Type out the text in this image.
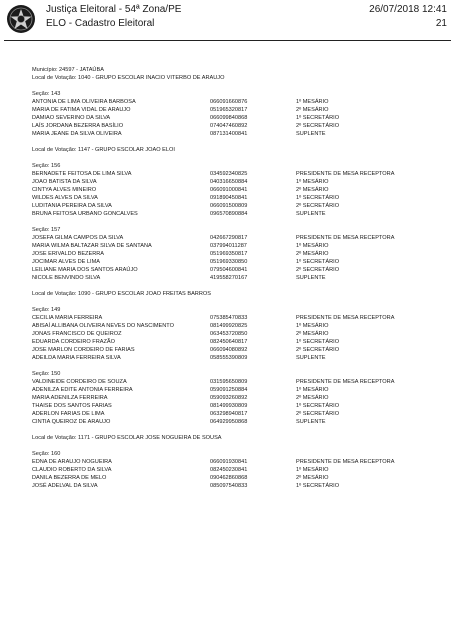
Justiça Eleitoral - 54ª Zona/PE
ELO - Cadastro Eleitoral
26/07/2018 12:41
21
Município: 24597 - JATAÚBA
Local de Votação: 1040 - GRUPO ESCOLAR INACIO VITERBO DE ARAUJO
Seção: 143
ANTONIA DE LIMA OLIVEIRA BARBOSA	066091660876	1º MESÁRIO
MARIA DE FATIMA VIDAL DE ARAUJO	051965320817	2º MESÁRIO
DAMIAO SEVERINO DA SILVA	066099840868	1º SECRETÁRIO
LAÍS JORDANA BEZERRA BASÍLIO	074047460892	2º SECRETÁRIO
MARIA JEANE DA SILVA OLIVEIRA	087131400841	SUPLENTE
Local de Votação: 1147 - GRUPO ESCOLAR JOAO ELOI
Seção: 156
BERNADETE FEITOSA DE LIMA SILVA	034592340825	PRESIDENTE DE MESA RECEPTORA
JOAO BATISTA DA SILVA	040316650884	1º MESÁRIO
CINTYA ALVES MINEIRO	066091000841	2º MESÁRIO
WILDES ALVES DA SILVA	091890450841	1º SECRETÁRIO
LUDITANIA PEREIRA DA SILVA	066091500809	2º SECRETÁRIO
BRUNA FEITOSA URBANO GONCALVES	096570890884	SUPLENTE
Seção: 157
JOSEFA GILMA CAMPOS DA SILVA	042667290817	PRESIDENTE DE MESA RECEPTORA
MARIA WILMA BALTAZAR SILVA DE SANTANA	037994011287	1º MESÁRIO
JOSE ERIVALDO BEZERRA	051969350817	2º MESÁRIO
JOCIMAR ALVES DE LIMA	051969330850	1º SECRETÁRIO
LEILIANE MARIA DOS SANTOS ARAÚJO	079504600841	2º SECRETÁRIO
NICOLE BENVINDO SILVA	419558270167	SUPLENTE
Local de Votação: 1090 - GRUPO ESCOLAR JOAO FREITAS BARROS
Seção: 149
CECILIA MARIA FERREIRA	075385470833	PRESIDENTE DE MESA RECEPTORA
ABISAÍ ALLIBANA OLIVEIRA NEVES DO NASCIMENTO	081499920825	1º MESÁRIO
JONAS FRANCISCO DE QUEIROZ	063453720850	2º MESÁRIO
EDUARDA CORDEIRO FRAZÃO	082450640817	1º SECRETÁRIO
JOSE MARLON CORDEIRO DE FARIAS	066094080892	2º SECRETÁRIO
ADEILDA MARIA FERREIRA SILVA	058555390809	SUPLENTE
Seção: 150
VALDINEIDE CORDEIRO DE SOUZA	031595650809	PRESIDENTE DE MESA RECEPTORA
ADENILZA EDITE ANTONIA FERREIRA	059091250884	1º MESÁRIO
MARIA ADENILZA FERREIRA	059093260892	2º MESÁRIO
THAISE DOS SANTOS FARIAS	081499930809	1º SECRETÁRIO
ADERLON FARIAS DE LIMA	063298940817	2º SECRETÁRIO
CINTIA QUEIROZ DE ARAUJO	064929950868	SUPLENTE
Local de Votação: 1171 - GRUPO ESCOLAR JOSE NOGUEIRA DE SOUSA
Seção: 160
EDNA DE ARAUJO NOGUEIRA	066091930841	PRESIDENTE DE MESA RECEPTORA
CLAUDIO ROBERTO DA SILVA	082450230841	1º MESÁRIO
DANILA BEZERRA DE MELO	090462860868	2º MESÁRIO
JOSÉ ADELVAL DA SILVA	085097540833	1º SECRETÁRIO
